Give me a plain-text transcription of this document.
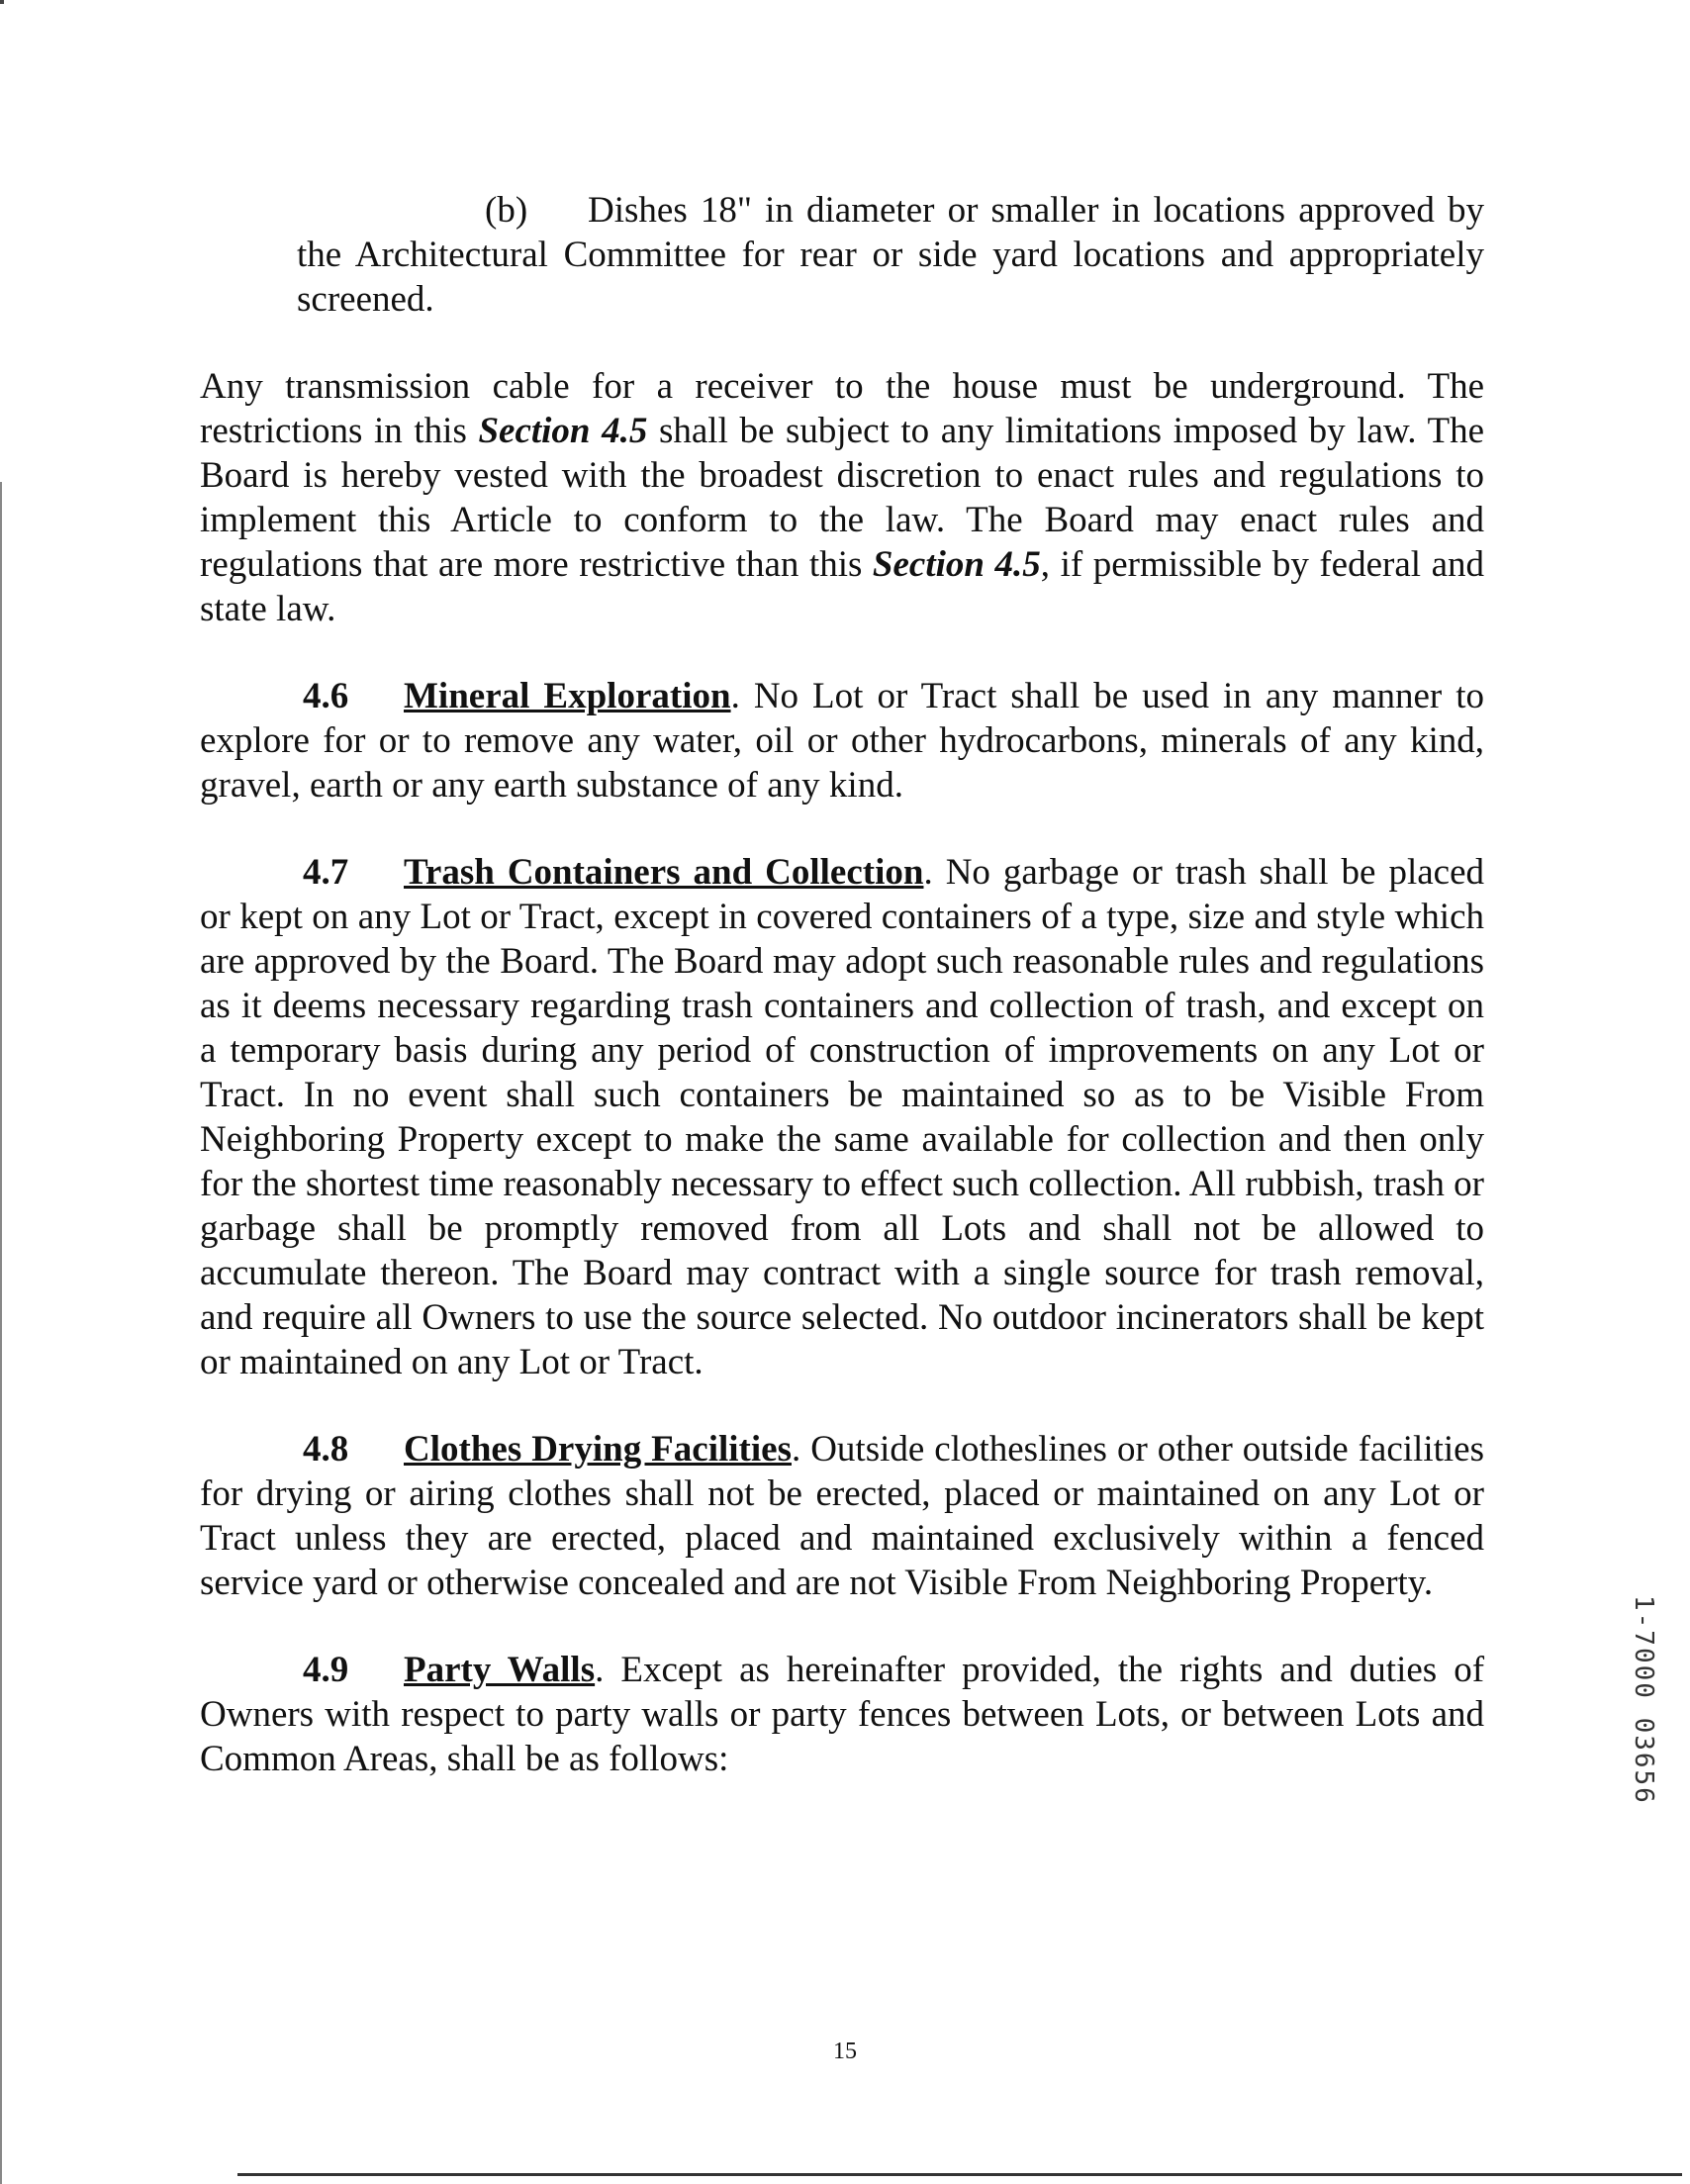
(b) Dishes 18" in diameter or smaller in locations approved by the Architectural Committee for rear or side yard locations and appropriately screened.

Any transmission cable for a receiver to the house must be underground. The restrictions in this Section 4.5 shall be subject to any limitations imposed by law. The Board is hereby vested with the broadest discretion to enact rules and regulations to implement this Article to conform to the law. The Board may enact rules and regulations that are more restrictive than this Section 4.5, if permissible by federal and state law.

4.6 Mineral Exploration. No Lot or Tract shall be used in any manner to explore for or to remove any water, oil or other hydrocarbons, minerals of any kind, gravel, earth or any earth substance of any kind.

4.7 Trash Containers and Collection. No garbage or trash shall be placed or kept on any Lot or Tract, except in covered containers of a type, size and style which are approved by the Board. The Board may adopt such reasonable rules and regulations as it deems necessary regarding trash containers and collection of trash, and except on a temporary basis during any period of construction of improvements on any Lot or Tract. In no event shall such containers be maintained so as to be Visible From Neighboring Property except to make the same available for collection and then only for the shortest time reasonably necessary to effect such collection. All rubbish, trash or garbage shall be promptly removed from all Lots and shall not be allowed to accumulate thereon. The Board may contract with a single source for trash removal, and require all Owners to use the source selected. No outdoor incinerators shall be kept or maintained on any Lot or Tract.

4.8 Clothes Drying Facilities. Outside clotheslines or other outside facilities for drying or airing clothes shall not be erected, placed or maintained on any Lot or Tract unless they are erected, placed and maintained exclusively within a fenced service yard or otherwise concealed and are not Visible From Neighboring Property.

4.9 Party Walls. Except as hereinafter provided, the rights and duties of Owners with respect to party walls or party fences between Lots, or between Lots and Common Areas, shall be as follows:	1-7000 03656
15
